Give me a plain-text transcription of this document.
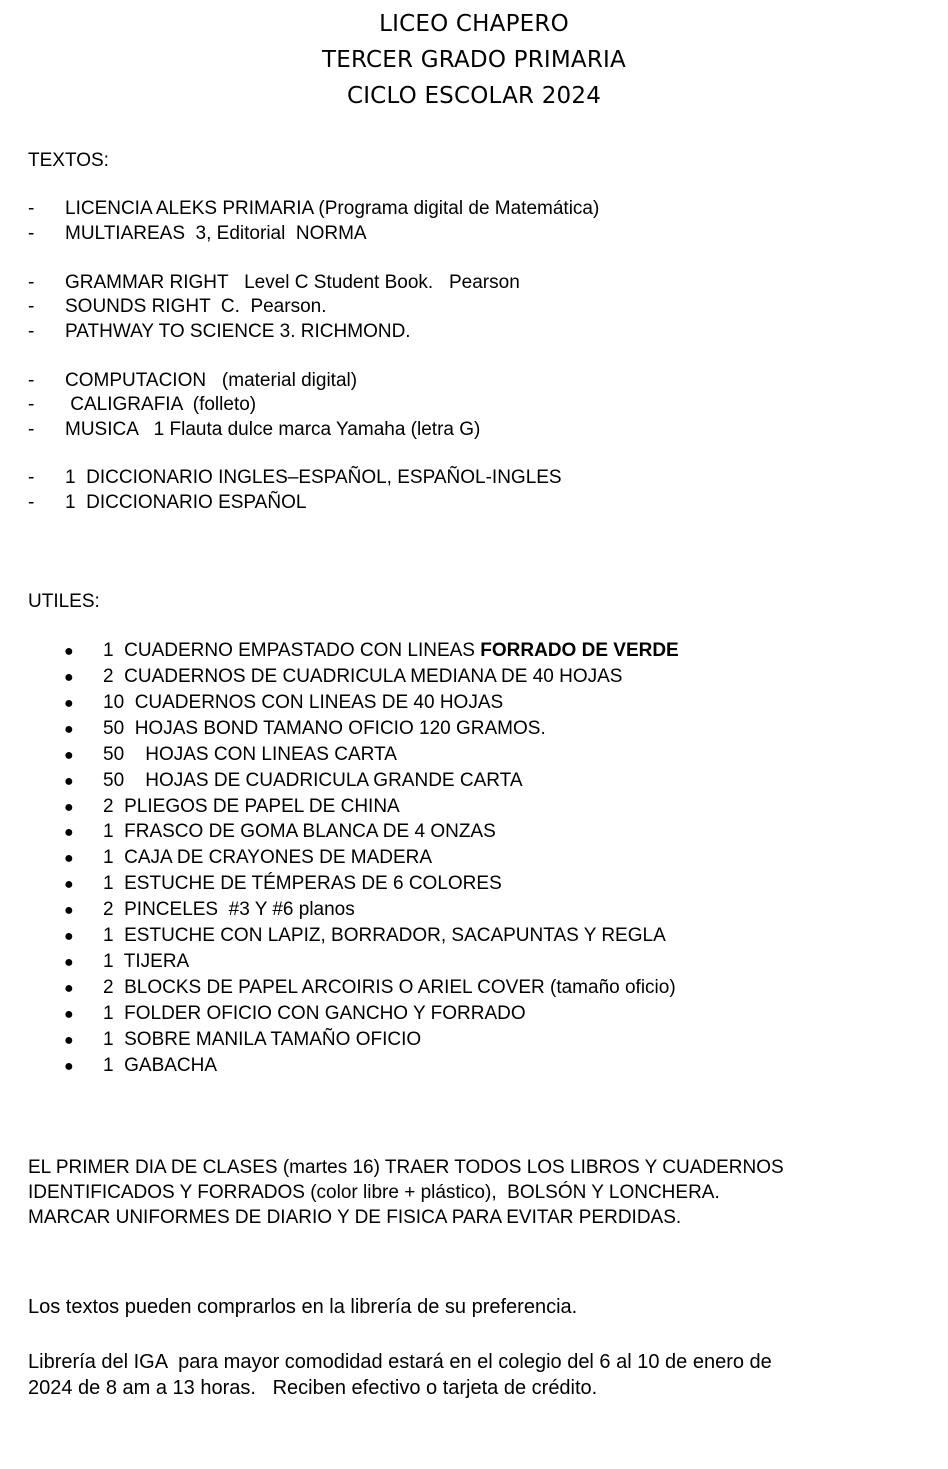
LICEO CHAPERO
TERCER GRADO PRIMARIA
CICLO ESCOLAR 2024
TEXTOS:
- LICENCIA ALEKS PRIMARIA (Programa digital de Matemática)
- MULTIAREAS  3, Editorial  NORMA
- GRAMMAR RIGHT   Level C Student Book.   Pearson
- SOUNDS RIGHT  C.  Pearson.
- PATHWAY TO SCIENCE 3. RICHMOND.
- COMPUTACION   (material digital)
- CALIGRAFIA  (folleto)
- MUSICA   1 Flauta dulce marca Yamaha (letra G)
- 1  DICCIONARIO INGLES–ESPAÑOL, ESPAÑOL-INGLES
- 1  DICCIONARIO ESPAÑOL
UTILES:
● 1  CUADERNO EMPASTADO CON LINEAS FORRADO DE VERDE
● 2  CUADERNOS DE CUADRICULA MEDIANA DE 40 HOJAS
● 10  CUADERNOS CON LINEAS DE 40 HOJAS
● 50  HOJAS BOND TAMANO OFICIO 120 GRAMOS.
● 50    HOJAS CON LINEAS CARTA
● 50    HOJAS DE CUADRICULA GRANDE CARTA
● 2  PLIEGOS DE PAPEL DE CHINA
● 1  FRASCO DE GOMA BLANCA DE 4 ONZAS
● 1  CAJA DE CRAYONES DE MADERA
● 1  ESTUCHE DE TÉMPERAS DE 6 COLORES
● 2  PINCELES  #3 Y #6 planos
● 1  ESTUCHE CON LAPIZ, BORRADOR, SACAPUNTAS Y REGLA
● 1  TIJERA
● 2  BLOCKS DE PAPEL ARCOIRIS O ARIEL COVER (tamaño oficio)
● 1  FOLDER OFICIO CON GANCHO Y FORRADO
● 1  SOBRE MANILA TAMAÑO OFICIO
● 1  GABACHA
EL PRIMER DIA DE CLASES (martes 16) TRAER TODOS LOS LIBROS Y CUADERNOS
IDENTIFICADOS Y FORRADOS (color libre + plástico),  BOLSÓN Y LONCHERA.
MARCAR UNIFORMES DE DIARIO Y DE FISICA PARA EVITAR PERDIDAS.
Los textos pueden comprarlos en la librería de su preferencia.
Librería del IGA  para mayor comodidad estará en el colegio del 6 al 10 de enero de
2024 de 8 am a 13 horas.   Reciben efectivo o tarjeta de crédito.
